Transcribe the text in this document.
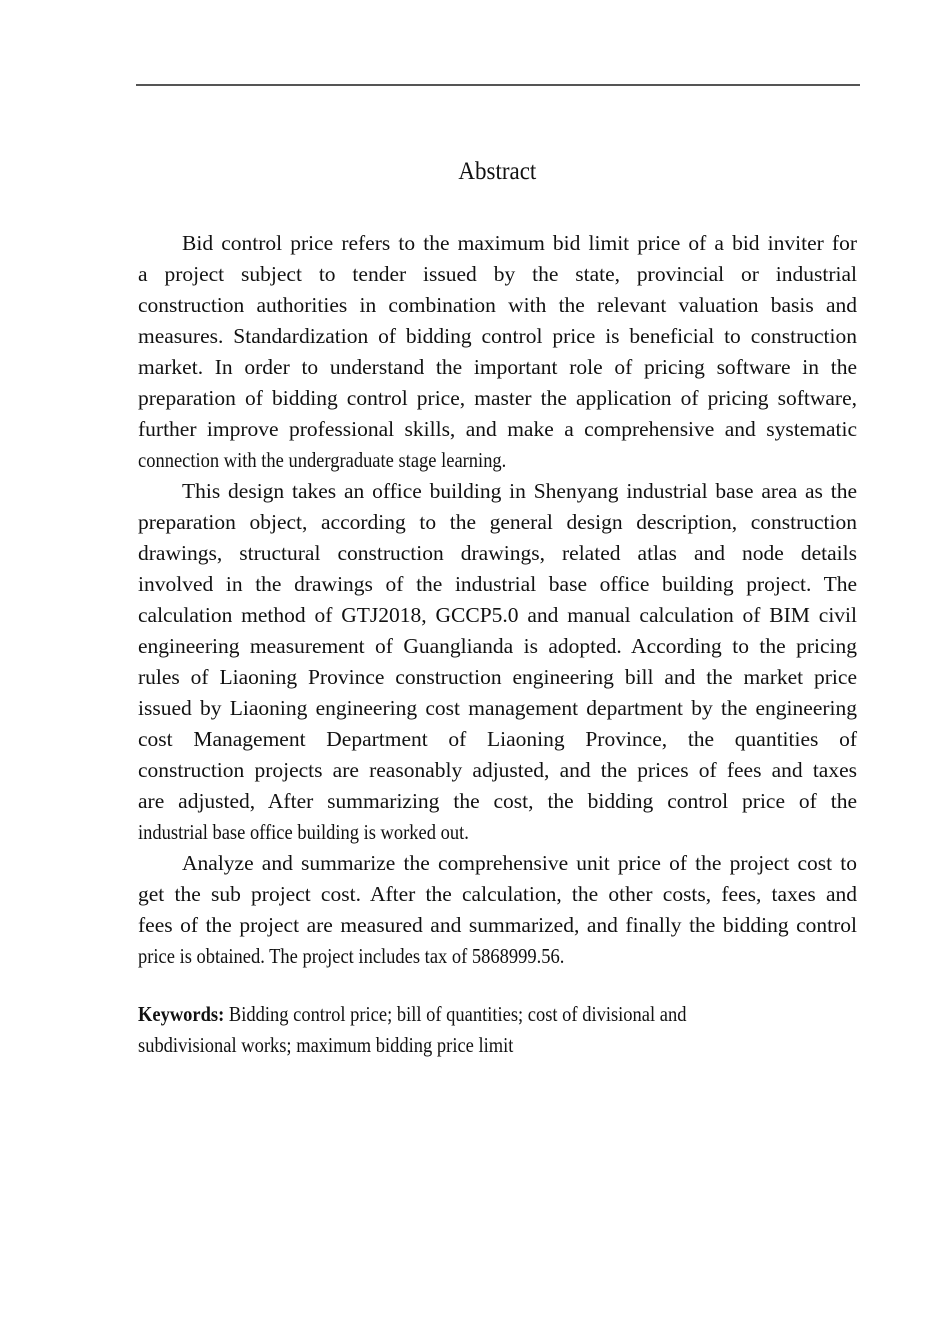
Abstract
Bid control price refers to the maximum bid limit price of a bid inviter for
a project subject to tender issued by the state, provincial or industrial
construction authorities in combination with the relevant valuation basis and
measures. Standardization of bidding control price is beneficial to construction
market. In order to understand the important role of pricing software in the
preparation of bidding control price, master the application of pricing software,
further improve professional skills, and make a comprehensive and systematic
connection with the undergraduate stage learning.
This design takes an office building in Shenyang industrial base area as the
preparation object, according to the general design description, construction
drawings, structural construction drawings, related atlas and node details
involved in the drawings of the industrial base office building project. The
calculation method of GTJ2018, GCCP5.0 and manual calculation of BIM civil
engineering measurement of Guanglianda is adopted. According to the pricing
rules of Liaoning Province construction engineering bill and the market price
issued by Liaoning engineering cost management department by the engineering
cost Management Department of Liaoning Province, the quantities of
construction projects are reasonably adjusted, and the prices of fees and taxes
are adjusted, After summarizing the cost, the bidding control price of the
industrial base office building is worked out.
Analyze and summarize the comprehensive unit price of the project cost to
get the sub project cost. After the calculation, the other costs, fees, taxes and
fees of the project are measured and summarized, and finally the bidding control
price is obtained. The project includes tax of 5868999.56.
Keywords: Bidding control price; bill of quantities; cost of divisional and
subdivisional works; maximum bidding price limit
